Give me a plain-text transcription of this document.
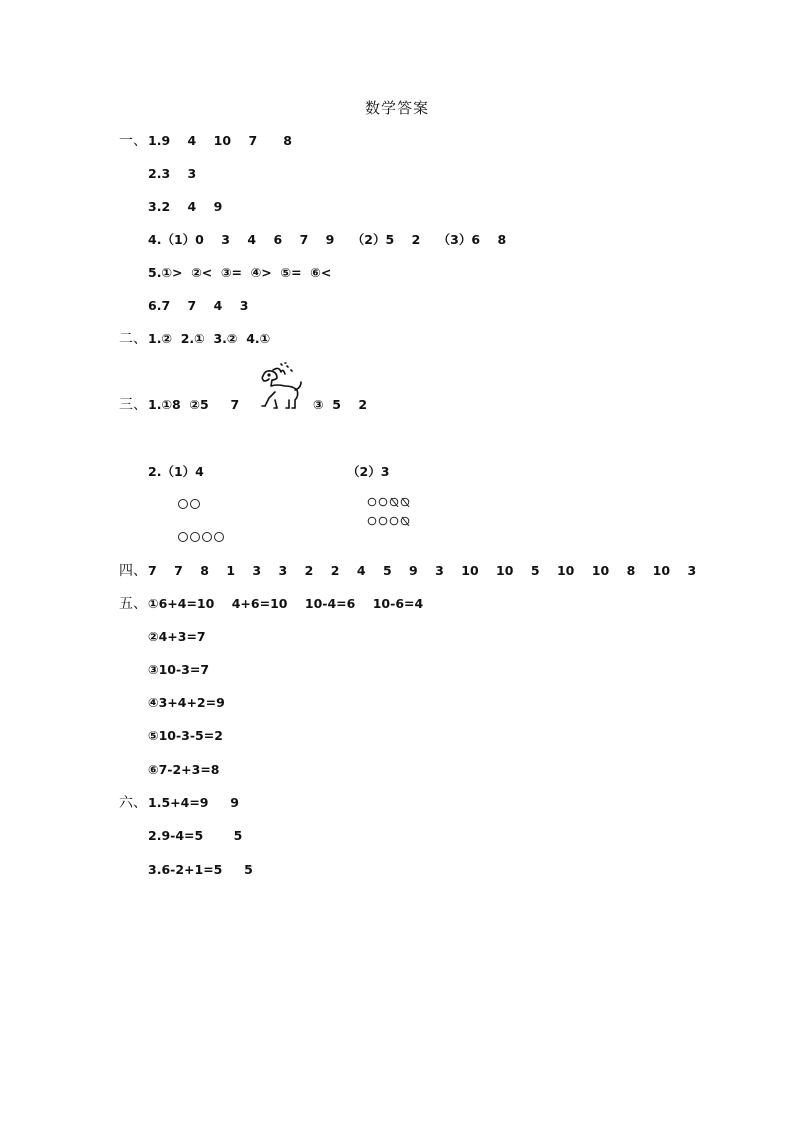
数学答案
一、1.9    4    10    7      8
2.3    3
3.2    4    9
4.（1）0    3    4    6    7    9    （2）5    2    （3）6    8
5.①>  ②<  ③=  ④>  ⑤=  ⑥<
6.7    7    4    3
二、1.②  2.①  3.②  4.①
三、1.①8  ②5     7	③  5    2
2.（1）4	（2）3
四、7    7    8    1    3    3    2    2    4    5    9    3    10    10    5    10    10    8    10    3
五、①6+4=10    4+6=10    10-4=6    10-6=4
②4+3=7
③10-3=7
④3+4+2=9
⑤10-3-5=2
⑥7-2+3=8
六、1.5+4=9     9
2.9-4=5       5
3.6-2+1=5     5
